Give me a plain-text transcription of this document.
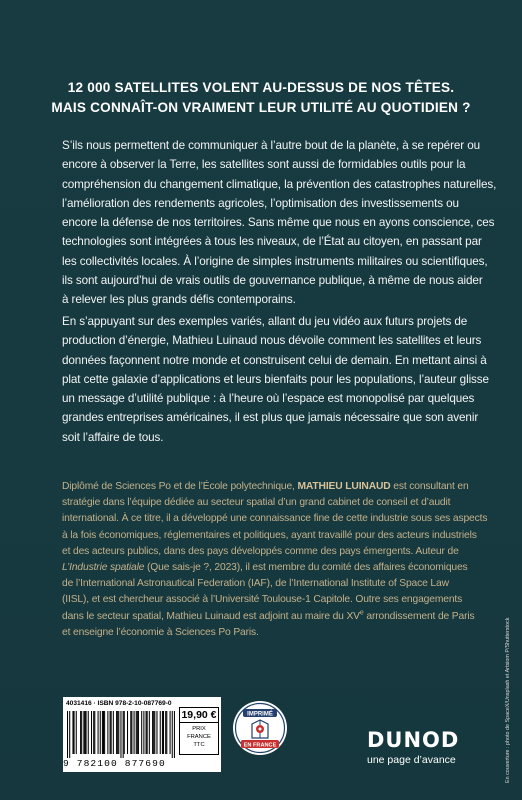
12 000 SATELLITES VOLENT AU-DESSUS DE NOS TÊTES.
MAIS CONNAÎT-ON VRAIMENT LEUR UTILITÉ AU QUOTIDIEN ?
S’ils nous permettent de communiquer à l’autre bout de la planète, à se repérer ou
encore à observer la Terre, les satellites sont aussi de formidables outils pour la
compréhension du changement climatique, la prévention des catastrophes naturelles,
l’amélioration des rendements agricoles, l’optimisation des investissements ou
encore la défense de nos territoires. Sans même que nous en ayons conscience, ces
technologies sont intégrées à tous les niveaux, de l’État au citoyen, en passant par
les collectivités locales. À l’origine de simples instruments militaires ou scientifiques,
ils sont aujourd’hui de vrais outils de gouvernance publique, à même de nous aider
à relever les plus grands défis contemporains.
En s’appuyant sur des exemples variés, allant du jeu vidéo aux futurs projets de
production d’énergie, Mathieu Luinaud nous dévoile comment les satellites et leurs
données façonnent notre monde et construisent celui de demain. En mettant ainsi à
plat cette galaxie d’applications et leurs bienfaits pour les populations, l’auteur glisse
un message d’utilité publique : à l’heure où l’espace est monopolisé par quelques
grandes entreprises américaines, il est plus que jamais nécessaire que son avenir
soit l’affaire de tous.
Diplômé de Sciences Po et de l’École polytechnique, MATHIEU LUINAUD est consultant en
stratégie dans l’équipe dédiée au secteur spatial d’un grand cabinet de conseil et d’audit
international. À ce titre, il a développé une connaissance fine de cette industrie sous ses aspects
à la fois économiques, réglementaires et politiques, ayant travaillé pour des acteurs industriels
et des acteurs publics, dans des pays développés comme des pays émergents. Auteur de
L’Industrie spatiale (Que sais-je ?, 2023), il est membre du comité des affaires économiques
de l’International Astronautical Federation (IAF), de l’International Institute of Space Law
(IISL), et est chercheur associé à l’Université Toulouse-1 Capitole. Outre ses engagements
dans le secteur spatial, Mathieu Luinaud est adjoint au maire du XVe arrondissement de Paris
et enseigne l’économie à Sciences Po Paris.
4031416 · ISBN 978-2-10-087769-0
9 782100 877690
19,90 €
PRIX
FRANCE
TTC
IMPRIMÉ
EN FRANCE	DUNOD
une page d’avance	En couverture : photo de SpaceX/Unsplash et Artsiom P/Shutterstock
